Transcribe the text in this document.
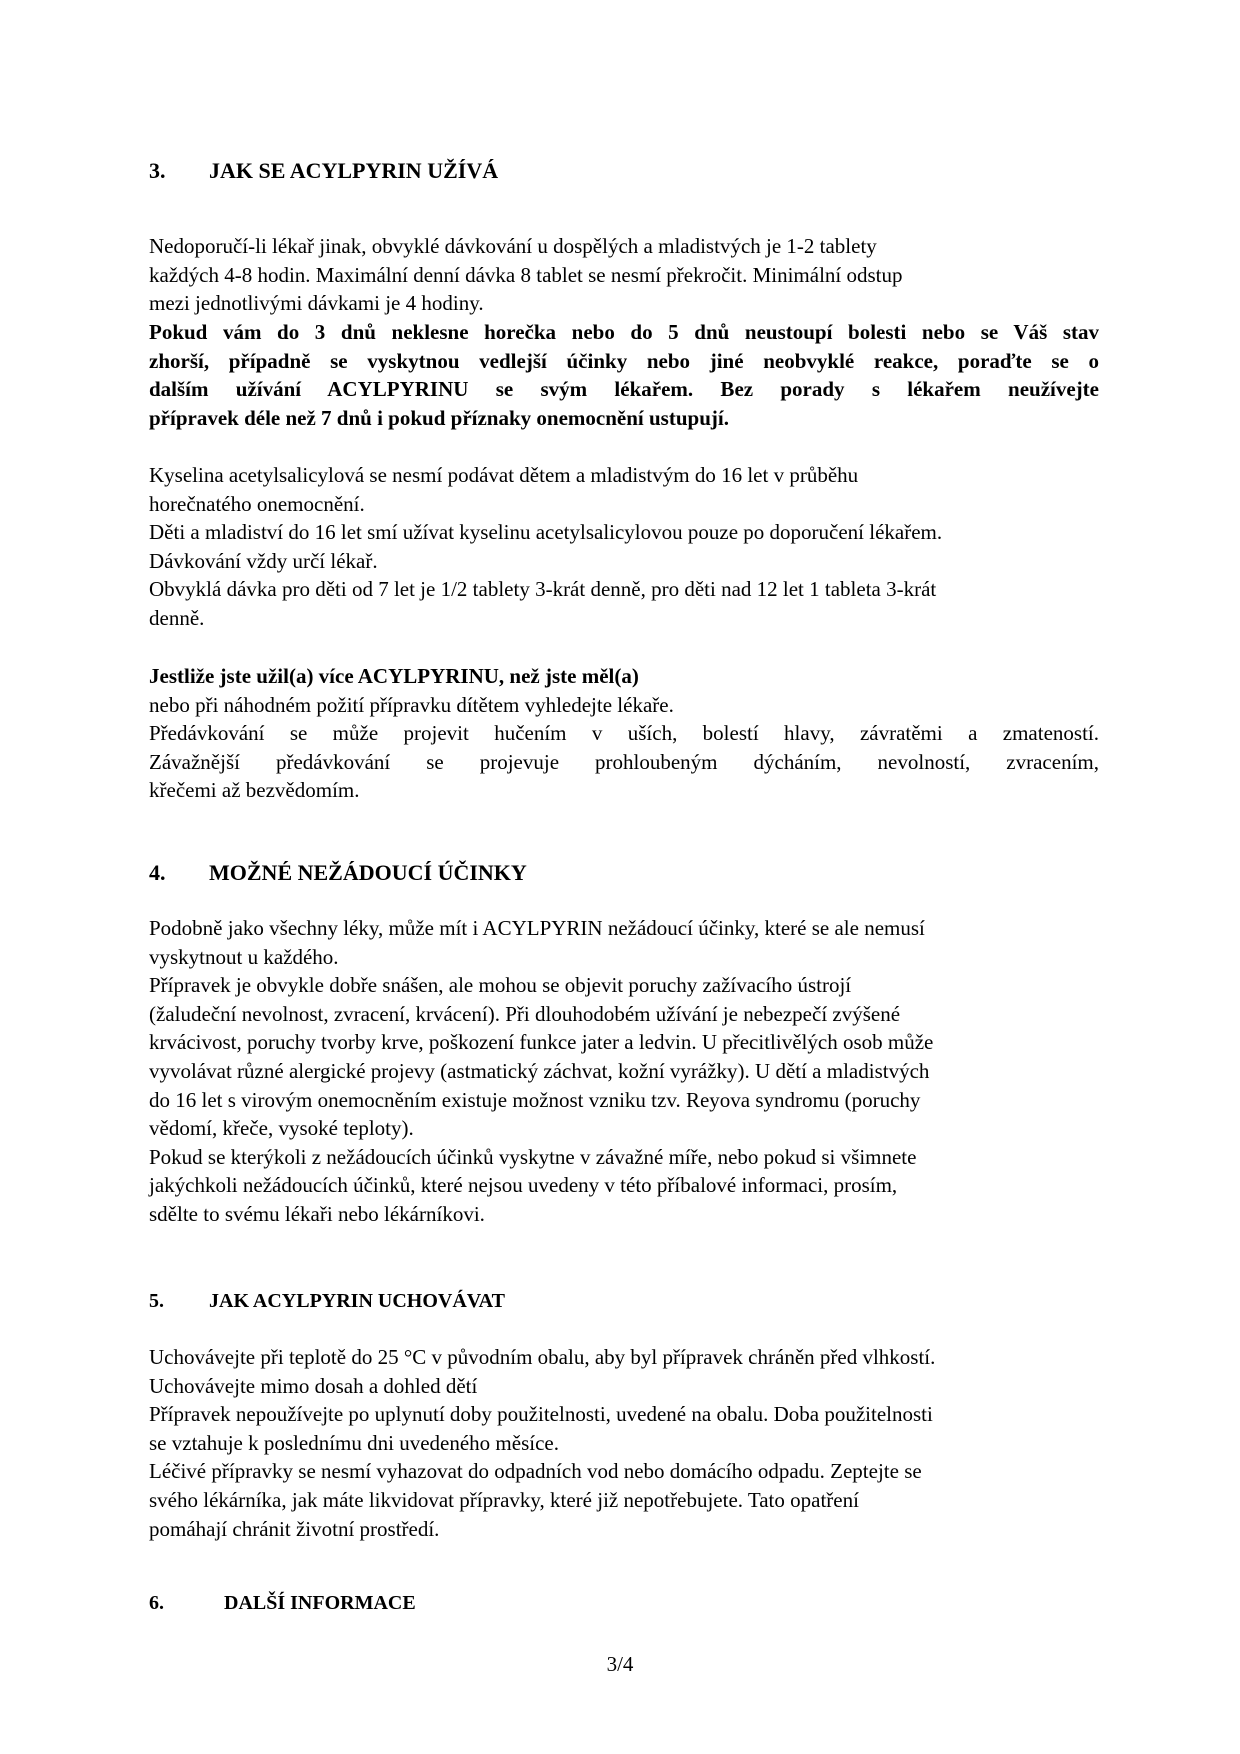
3. JAK SE ACYLPYRIN UŽÍVÁ
Nedoporučí-li lékař jinak, obvyklé dávkování u dospělých a mladistvých je 1-2 tablety
každých 4-8 hodin. Maximální denní dávka 8 tablet se nesmí překročit. Minimální odstup
mezi jednotlivými dávkami je 4 hodiny.
Pokud vám do 3 dnů neklesne horečka nebo do 5 dnů neustoupí bolesti nebo se Váš stav
zhorší, případně se vyskytnou vedlejší účinky nebo jiné neobvyklé reakce, poraďte se o
dalším užívání ACYLPYRINU se svým lékařem. Bez porady s lékařem neužívejte
přípravek déle než 7 dnů i pokud příznaky onemocnění ustupují.
Kyselina acetylsalicylová se nesmí podávat dětem a mladistvým do 16 let v průběhu
horečnatého onemocnění.
Děti a mladiství do 16 let smí užívat kyselinu acetylsalicylovou pouze po doporučení lékařem.
Dávkování vždy určí lékař.
Obvyklá dávka pro děti od 7 let je 1/2 tablety 3-krát denně, pro děti nad 12 let 1 tableta 3-krát
denně.
Jestliže jste užil(a) více ACYLPYRINU, než jste měl(a)
nebo při náhodném požití přípravku dítětem vyhledejte lékaře.
Předávkování se může projevit hučením v uších, bolestí hlavy, závratěmi a zmateností.
Závažnější předávkování se projevuje prohloubeným dýcháním, nevolností, zvracením,
křečemi až bezvědomím.
4. MOŽNÉ NEŽÁDOUCÍ ÚČINKY
Podobně jako všechny léky, může mít i ACYLPYRIN nežádoucí účinky, které se ale nemusí
vyskytnout u každého.
Přípravek je obvykle dobře snášen, ale mohou se objevit poruchy zažívacího ústrojí
(žaludeční nevolnost, zvracení, krvácení). Při dlouhodobém užívání je nebezpečí zvýšené
krvácivost, poruchy tvorby krve, poškození funkce jater a ledvin. U přecitlivělých osob může
vyvolávat různé alergické projevy (astmatický záchvat, kožní vyrážky). U dětí a mladistvých
do 16 let s virovým onemocněním existuje možnost vzniku tzv. Reyova syndromu (poruchy
vědomí, křeče, vysoké teploty).
Pokud se kterýkoli z nežádoucích účinků vyskytne v závažné míře, nebo pokud si všimnete
jakýchkoli nežádoucích účinků, které nejsou uvedeny v této příbalové informaci, prosím,
sdělte to svému lékaři nebo lékárníkovi.
5. JAK ACYLPYRIN UCHOVÁVAT
Uchovávejte při teplotě do 25 °C v původním obalu, aby byl přípravek chráněn před vlhkostí.
Uchovávejte mimo dosah a dohled dětí
Přípravek nepoužívejte po uplynutí doby použitelnosti, uvedené na obalu. Doba použitelnosti
se vztahuje k poslednímu dni uvedeného měsíce.
Léčivé přípravky se nesmí vyhazovat do odpadních vod nebo domácího odpadu. Zeptejte se
svého lékárníka, jak máte likvidovat přípravky, které již nepotřebujete. Tato opatření
pomáhají chránit životní prostředí.
6.	DALŠÍ INFORMACE
3/4
